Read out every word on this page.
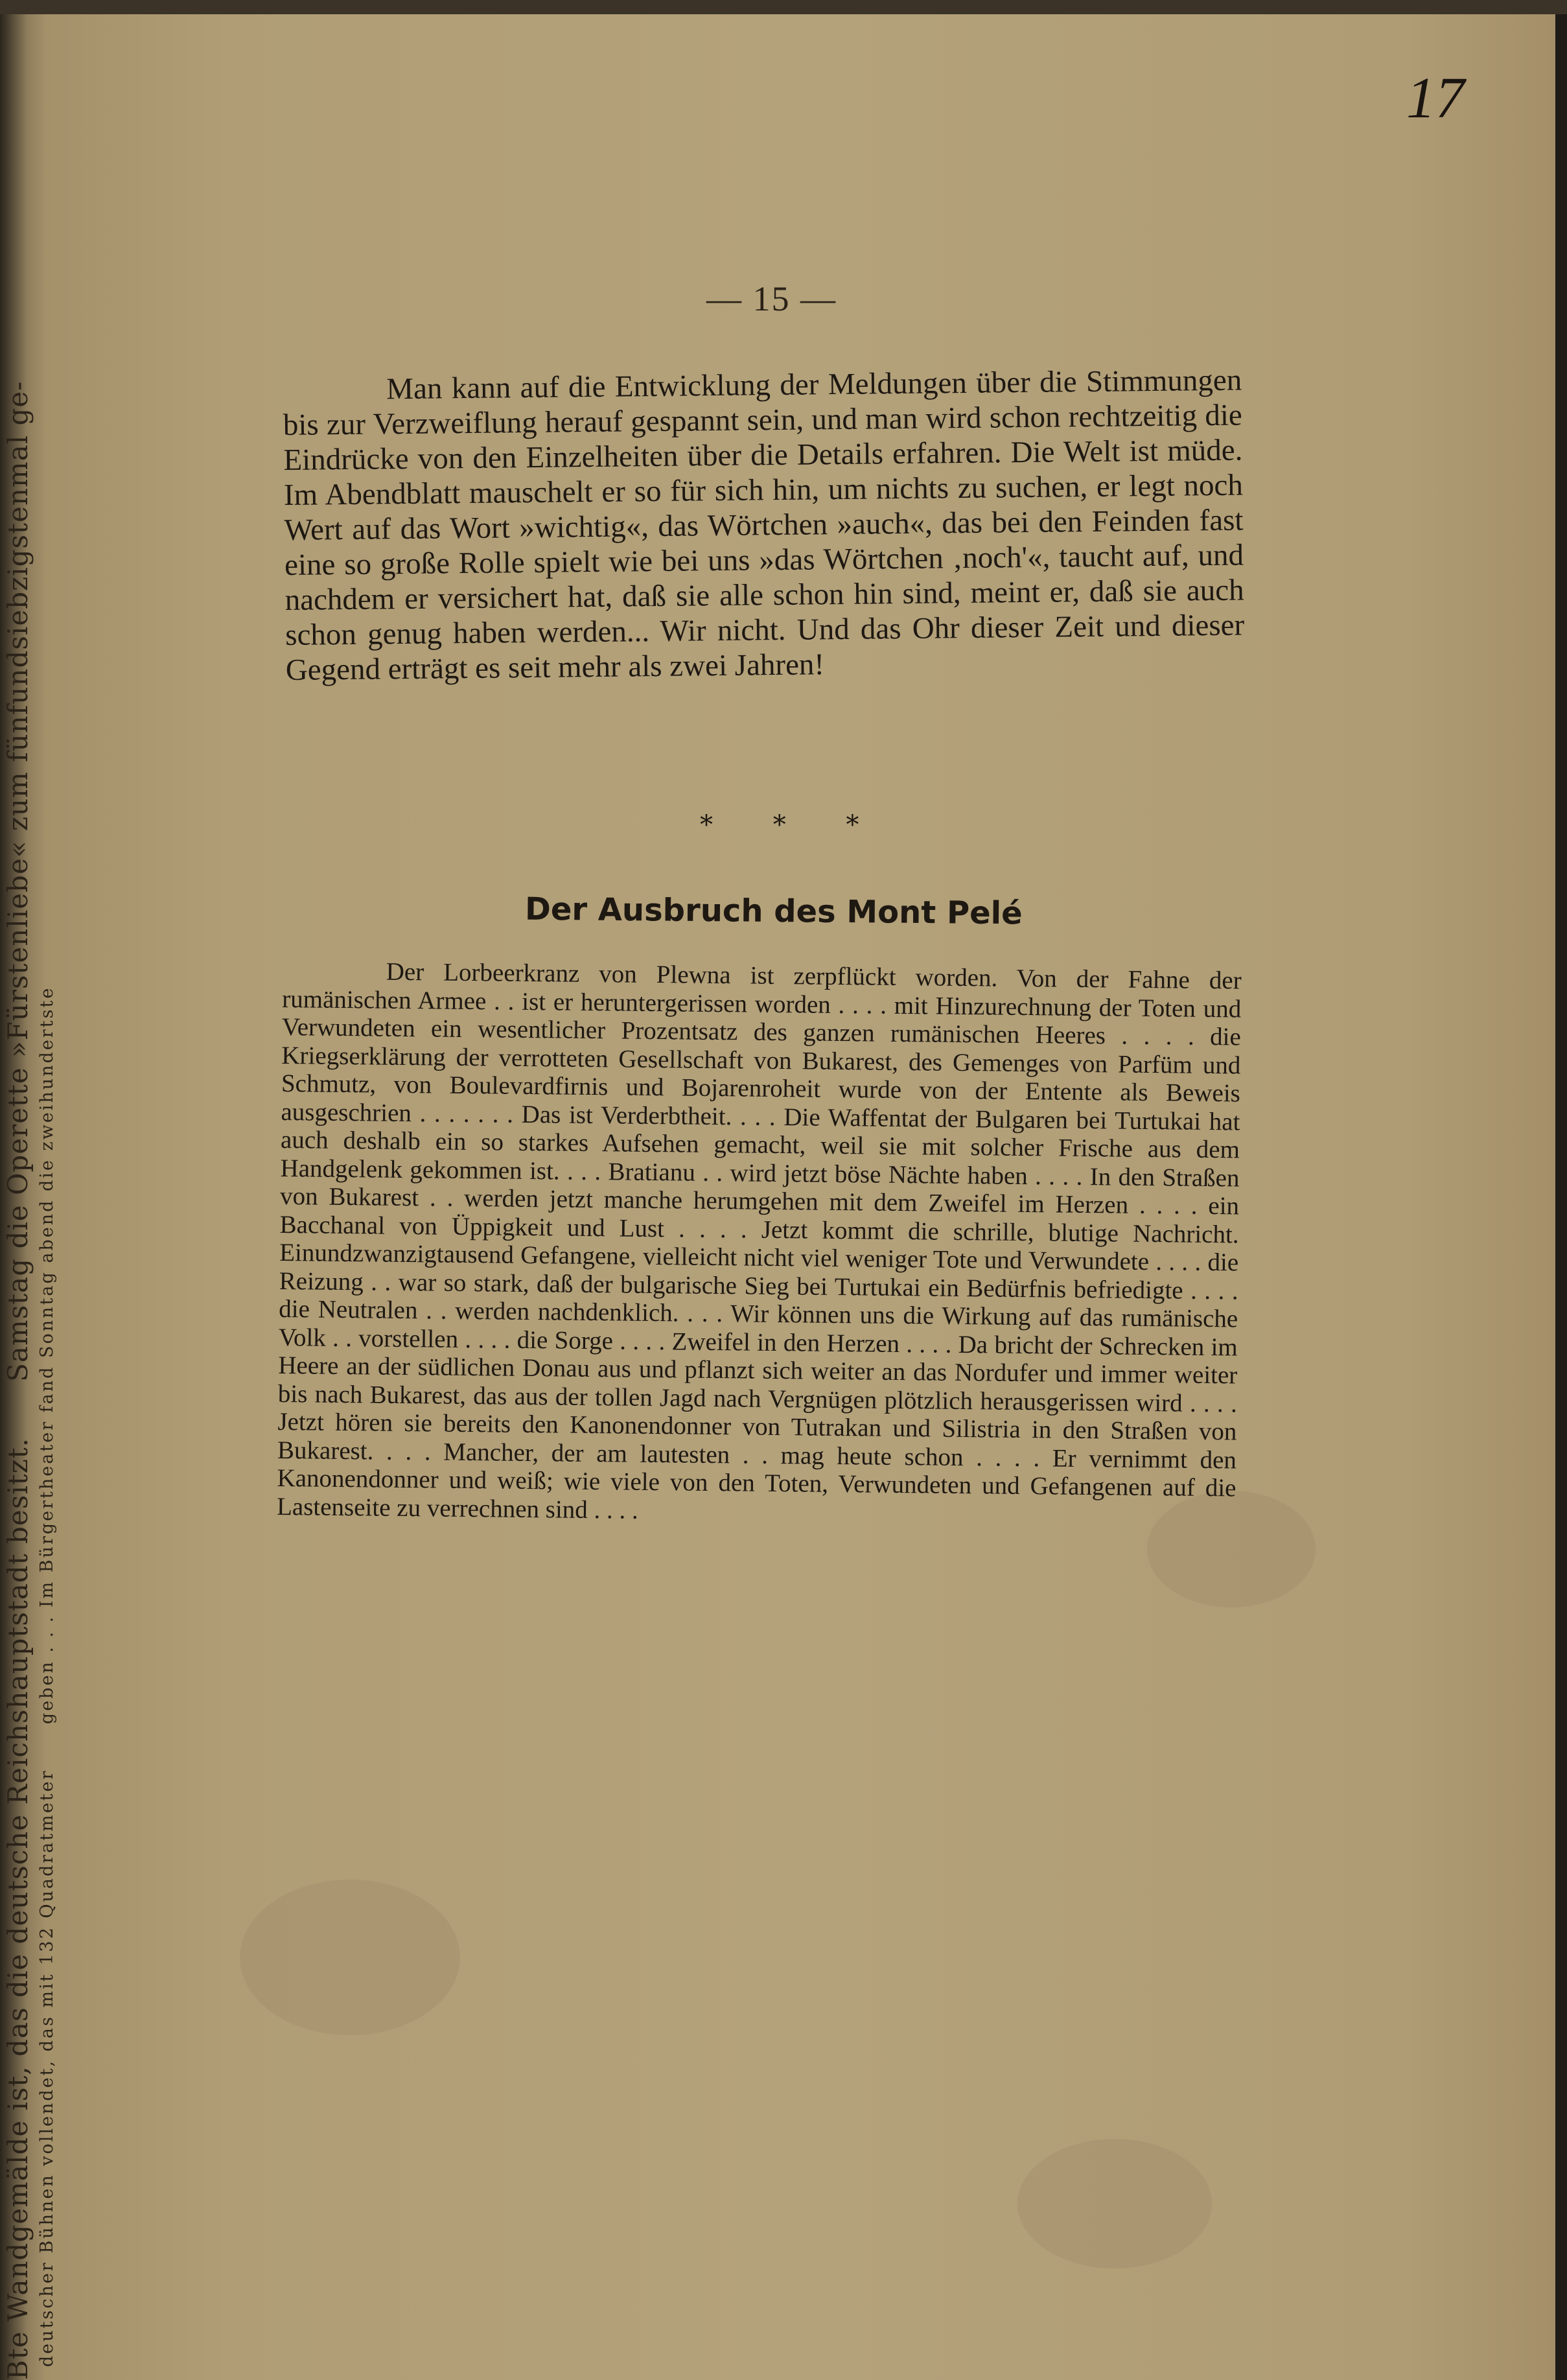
Bte Wandgemälde ist, das die deutsche Reichshauptstadt besitzt.      Samstag die Operette »Fürstenliebe« zum fünfundsiebzigstenmal ge-
deutscher Bühnen vollendet, das mit 132 Quadratmeter      geben . . . Im Bürgertheater fand Sonntag abend die zweihundertste
17
— 15 —
Man kann auf die Entwicklung der Meldungen über die Stimmungen bis zur Verzweiflung herauf gespannt sein, und man wird schon rechtzeitig die Eindrücke von den Einzelheiten über die Details erfahren. Die Welt ist müde. Im Abendblatt mauschelt er so für sich hin, um nichts zu suchen, er legt noch Wert auf das Wort »wichtig«, das Wörtchen »auch«, das bei den Feinden fast eine so große Rolle spielt wie bei uns »das Wörtchen ‚noch'«, taucht auf, und nachdem er versichert hat, daß sie alle schon hin sind, meint er, daß sie auch schon genug haben werden... Wir nicht. Und das Ohr dieser Zeit und dieser Gegend erträgt es seit mehr als zwei Jahren!
* * *
Der Ausbruch des Mont Pelé
Der Lorbeerkranz von Plewna ist zerpflückt worden. Von der Fahne der rumänischen Armee . . ist er heruntergerissen worden . . . . mit Hinzurechnung der Toten und Verwundeten ein wesentlicher Prozentsatz des ganzen rumänischen Heeres . . . . die Kriegserklärung der verrotteten Gesellschaft von Bukarest, des Gemenges von Parfüm und Schmutz, von Boulevardfirnis und Bojarenroheit wurde von der Entente als Beweis ausgeschrien . . . . . . . Das ist Verderbtheit. . . . Die Waffentat der Bulgaren bei Turtukai hat auch deshalb ein so starkes Aufsehen gemacht, weil sie mit solcher Frische aus dem Handgelenk gekommen ist. . . . Bratianu . . wird jetzt böse Nächte haben . . . . In den Straßen von Bukarest . . werden jetzt manche herumgehen mit dem Zweifel im Herzen . . . . ein Bacchanal von Üppigkeit und Lust . . . . Jetzt kommt die schrille, blutige Nachricht. Einundzwanzigtausend Gefangene, vielleicht nicht viel weniger Tote und Verwundete . . . . die Reizung . . war so stark, daß der bulgarische Sieg bei Turtukai ein Bedürfnis befriedigte . . . . die Neutralen . . werden nachdenklich. . . . Wir können uns die Wirkung auf das rumänische Volk . . vorstellen . . . . die Sorge . . . . Zweifel in den Herzen . . . . Da bricht der Schrecken im Heere an der südlichen Donau aus und pflanzt sich weiter an das Nordufer und immer weiter bis nach Bukarest, das aus der tollen Jagd nach Vergnügen plötzlich herausgerissen wird . . . . Jetzt hören sie bereits den Kanonendonner von Tutrakan und Silistria in den Straßen von Bukarest. . . . Mancher, der am lautesten . . mag heute schon . . . . Er vernimmt den Kanonendonner und weiß; wie viele von den Toten, Verwundeten und Gefangenen auf die Lastenseite zu verrechnen sind . . . .
